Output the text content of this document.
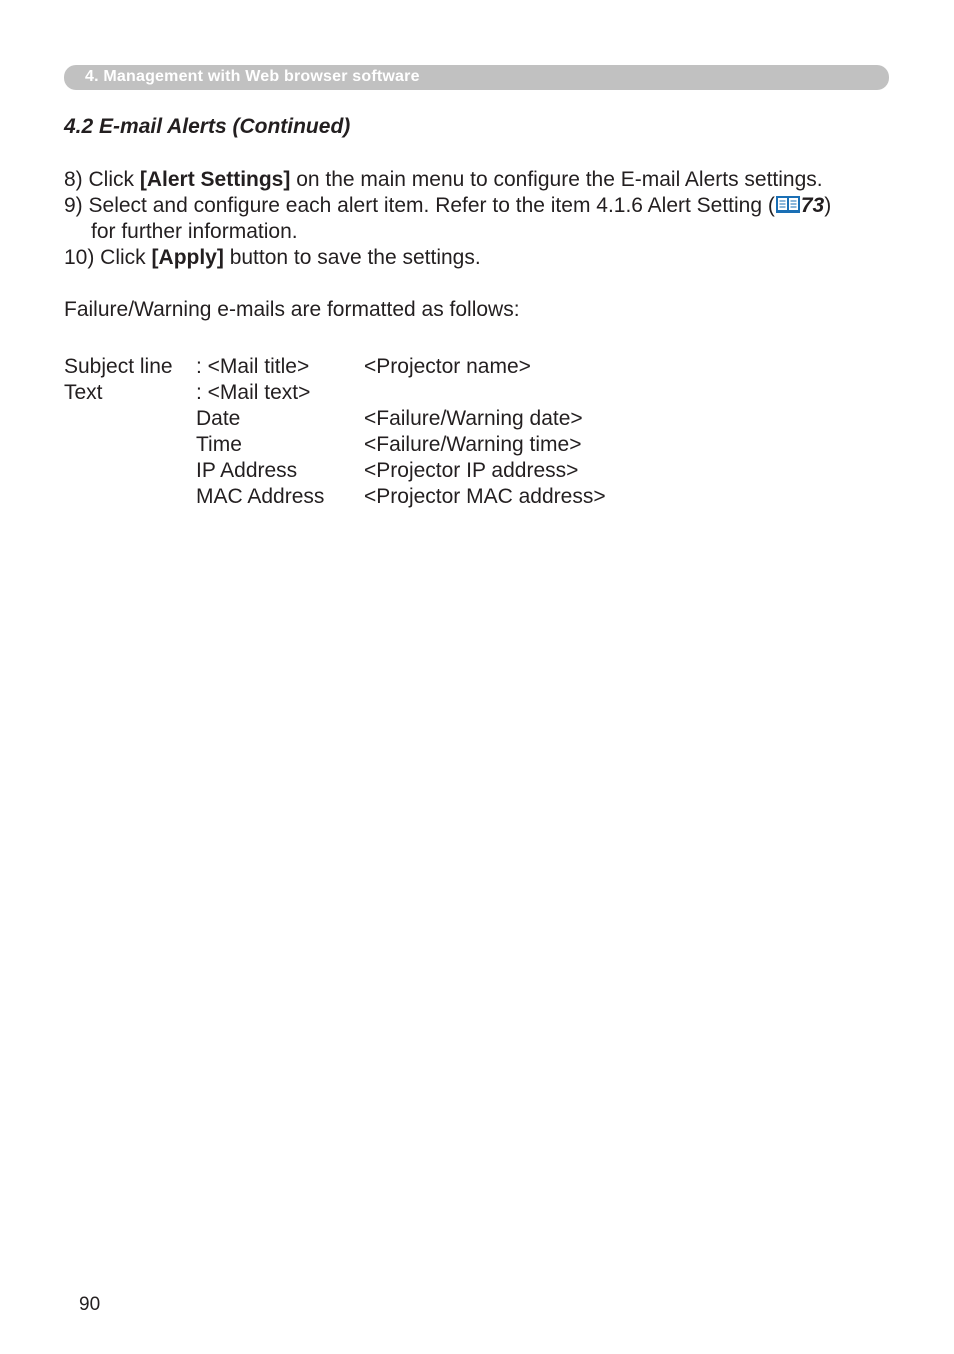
4. Management with Web browser software
4.2 E-mail Alerts (Continued)
8) Click [Alert Settings] on the main menu to configure the E-mail Alerts settings.
9) Select and configure each alert item. Refer to the item 4.1.6 Alert Setting ( 73)
for further information.
10) Click [Apply] button to save the settings.
Failure/Warning e-mails are formatted as follows:
Subject line : <Mail title>	<Projector name>
Text	: <Mail text>
Date	<Failure/Warning date>
Time	<Failure/Warning time>
IP Address	<Projector IP address>
MAC Address <Projector MAC address>
90
